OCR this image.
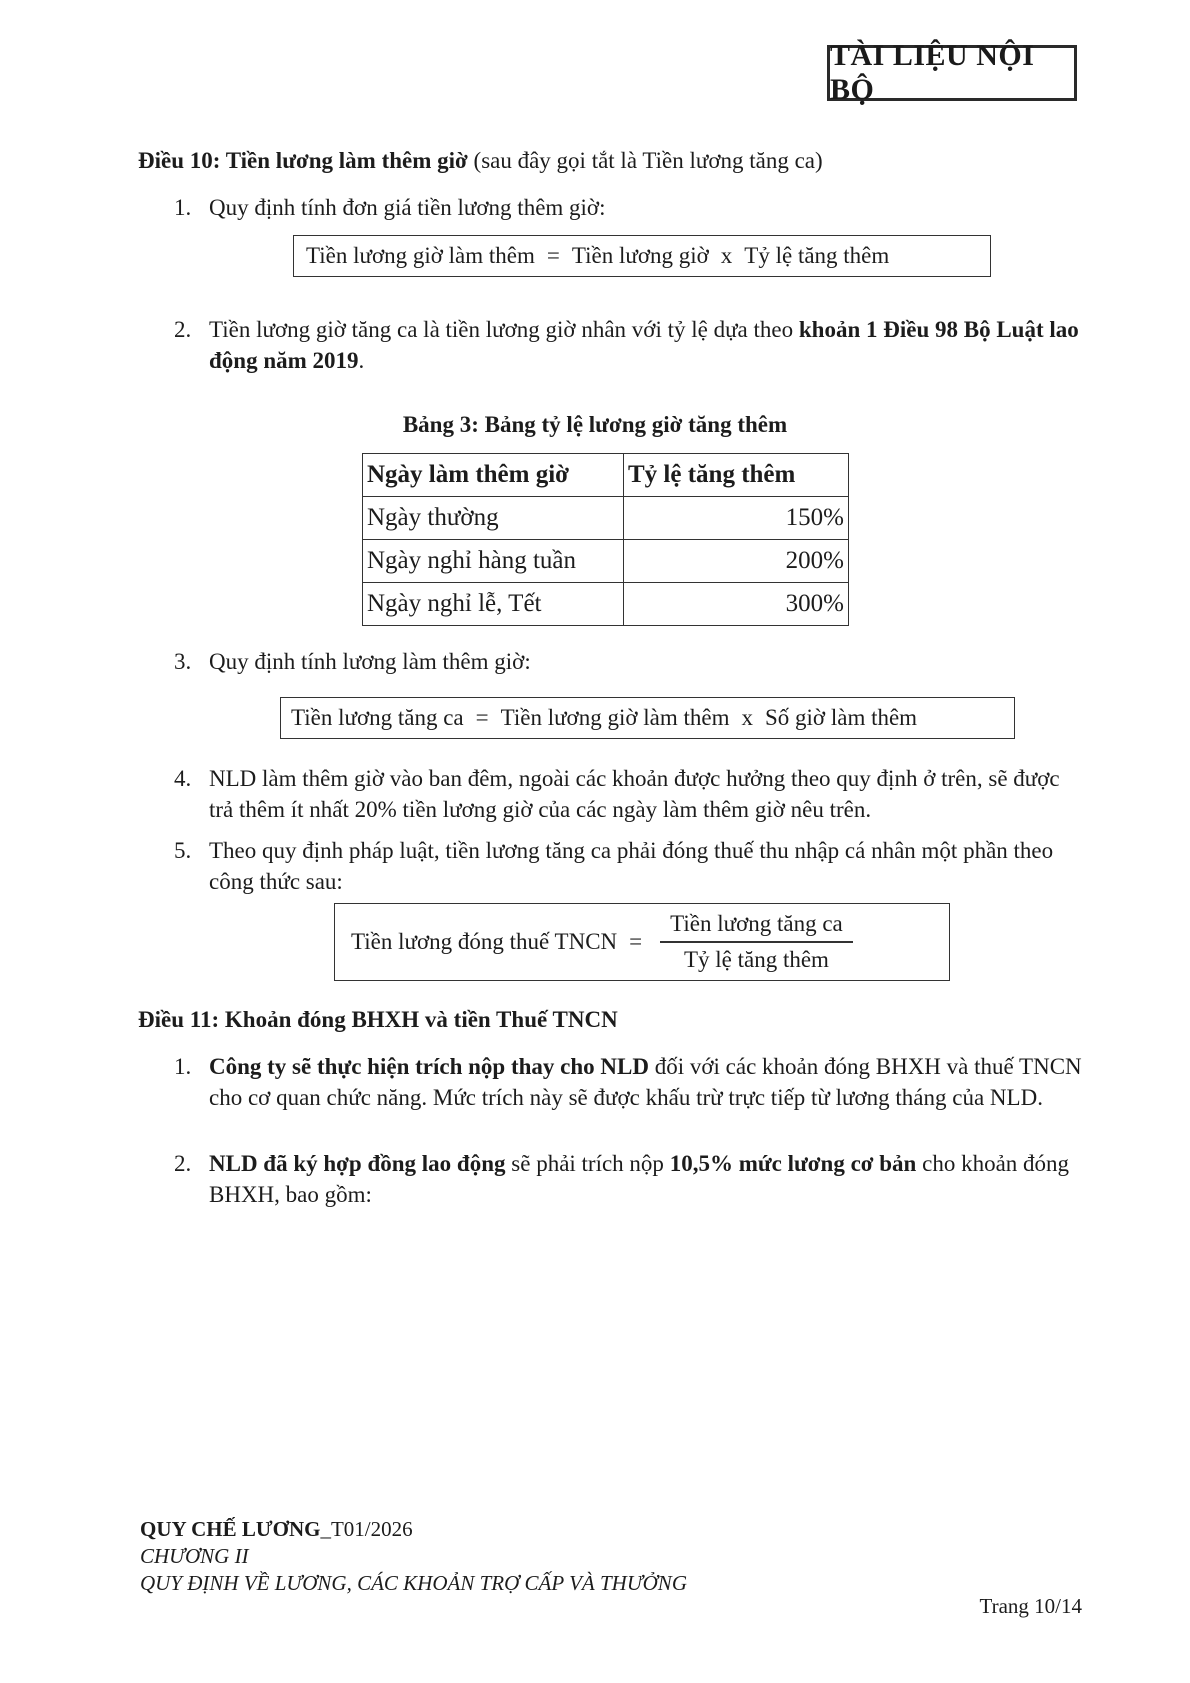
TÀI LIỆU NỘI BỘ
Điều 10: Tiền lương làm thêm giờ (sau đây gọi tắt là Tiền lương tăng ca)
1. Quy định tính đơn giá tiền lương thêm giờ:
Tiền lương giờ làm thêm = Tiền lương giờ x Tỷ lệ tăng thêm
2. Tiền lương giờ tăng ca là tiền lương giờ nhân với tỷ lệ dựa theo khoản 1 Điều 98 Bộ Luật lao động năm 2019.
Bảng 3: Bảng tỷ lệ lương giờ tăng thêm
Ngày làm thêm giờ	Tỷ lệ tăng thêm
Ngày thường	150%
Ngày nghỉ hàng tuần	200%
Ngày nghỉ lễ, Tết	300%
3. Quy định tính lương làm thêm giờ:
Tiền lương tăng ca = Tiền lương giờ làm thêm x Số giờ làm thêm
4. NLD làm thêm giờ vào ban đêm, ngoài các khoản được hưởng theo quy định ở trên, sẽ được trả thêm ít nhất 20% tiền lương giờ của các ngày làm thêm giờ nêu trên.
5. Theo quy định pháp luật, tiền lương tăng ca phải đóng thuế thu nhập cá nhân một phần theo công thức sau:
Tiền lương đóng thuế TNCN = $\frac{\text{Tiền lương tăng ca}}{\text{Tỷ lệ tăng thêm}}$
Điều 11: Khoản đóng BHXH và tiền Thuế TNCN
1. Công ty sẽ thực hiện trích nộp thay cho NLD đối với các khoản đóng BHXH và thuế TNCN cho cơ quan chức năng. Mức trích này sẽ được khấu trừ trực tiếp từ lương tháng của NLD.
2. NLD đã ký hợp đồng lao động sẽ phải trích nộp 10,5% mức lương cơ bản cho khoản đóng BHXH, bao gồm:
QUY CHẾ LƯƠNG_T01/2026
CHƯƠNG II
QUY ĐỊNH VỀ LƯƠNG, CÁC KHOẢN TRỢ CẤP VÀ THƯỞNG
Trang 10/14
